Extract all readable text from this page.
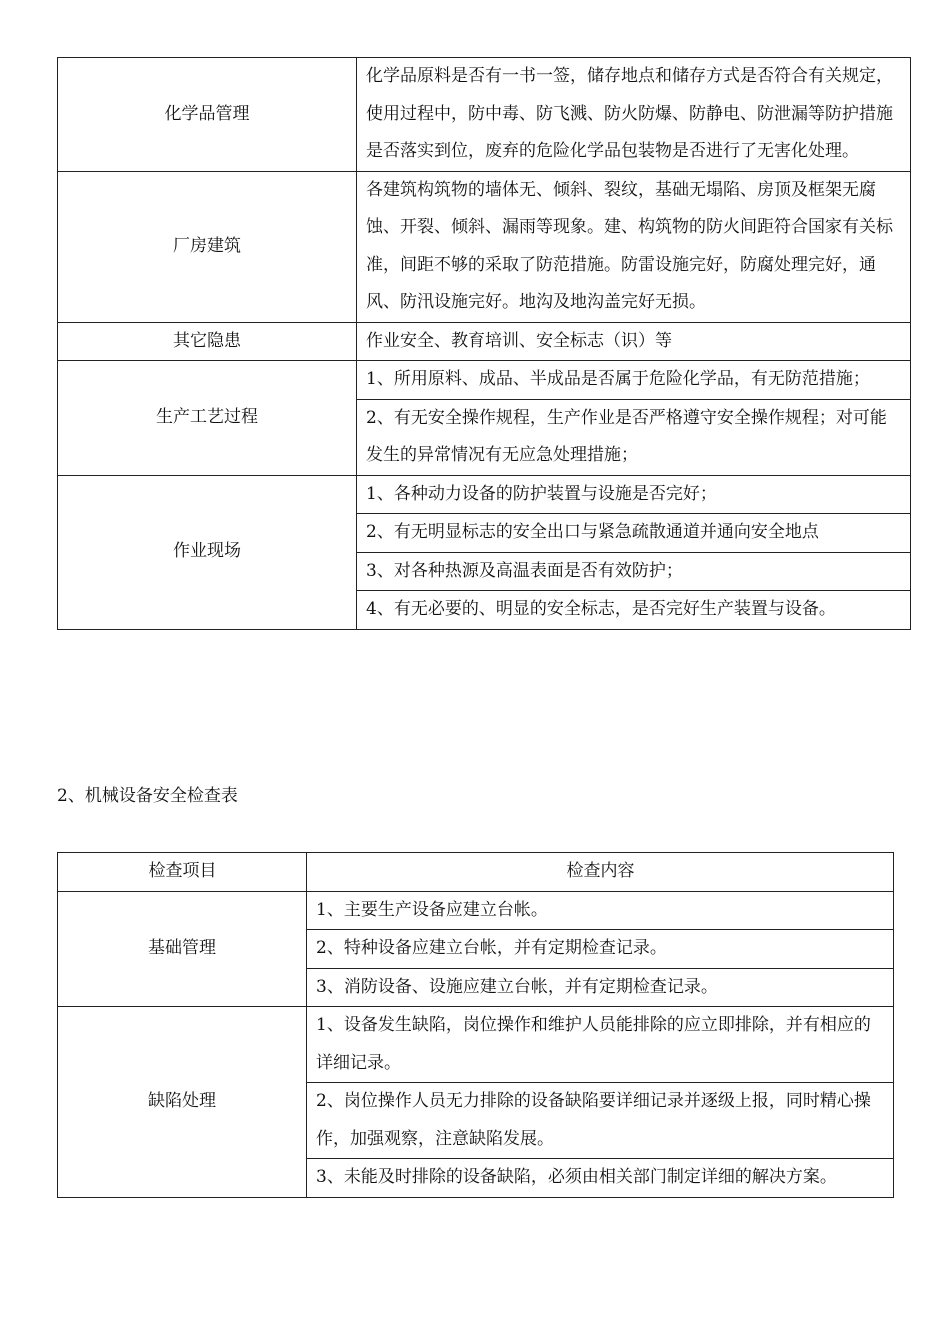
化学品管理	化学品原料是否有一书一签，储存地点和储存方式是否符合有关规定，使用过程中，防中毒、防飞溅、防火防爆、防静电、防泄漏等防护措施是否落实到位，废弃的危险化学品包装物是否进行了无害化处理。
厂房建筑	各建筑构筑物的墙体无、倾斜、裂纹，基础无塌陷、房顶及框架无腐蚀、开裂、倾斜、漏雨等现象。建、构筑物的防火间距符合国家有关标准，间距不够的采取了防范措施。防雷设施完好，防腐处理完好，通风、防汛设施完好。地沟及地沟盖完好无损。
其它隐患	作业安全、教育培训、安全标志（识）等
生产工艺过程	1、所用原料、成品、半成品是否属于危险化学品，有无防范措施；
	2、有无安全操作规程，生产作业是否严格遵守安全操作规程；对可能发生的异常情况有无应急处理措施；
作业现场	1、各种动力设备的防护装置与设施是否完好；
	2、有无明显标志的安全出口与紧急疏散通道并通向安全地点
	3、对各种热源及高温表面是否有效防护；
	4、有无必要的、明显的安全标志，是否完好生产装置与设备。
2、机械设备安全检查表
检查项目	检查内容
基础管理	1、主要生产设备应建立台帐。
	2、特种设备应建立台帐，并有定期检查记录。
	3、消防设备、设施应建立台帐，并有定期检查记录。
缺陷处理	1、设备发生缺陷，岗位操作和维护人员能排除的应立即排除，并有相应的详细记录。
	2、岗位操作人员无力排除的设备缺陷要详细记录并逐级上报，同时精心操作，加强观察，注意缺陷发展。
	3、未能及时排除的设备缺陷，必须由相关部门制定详细的解决方案。
